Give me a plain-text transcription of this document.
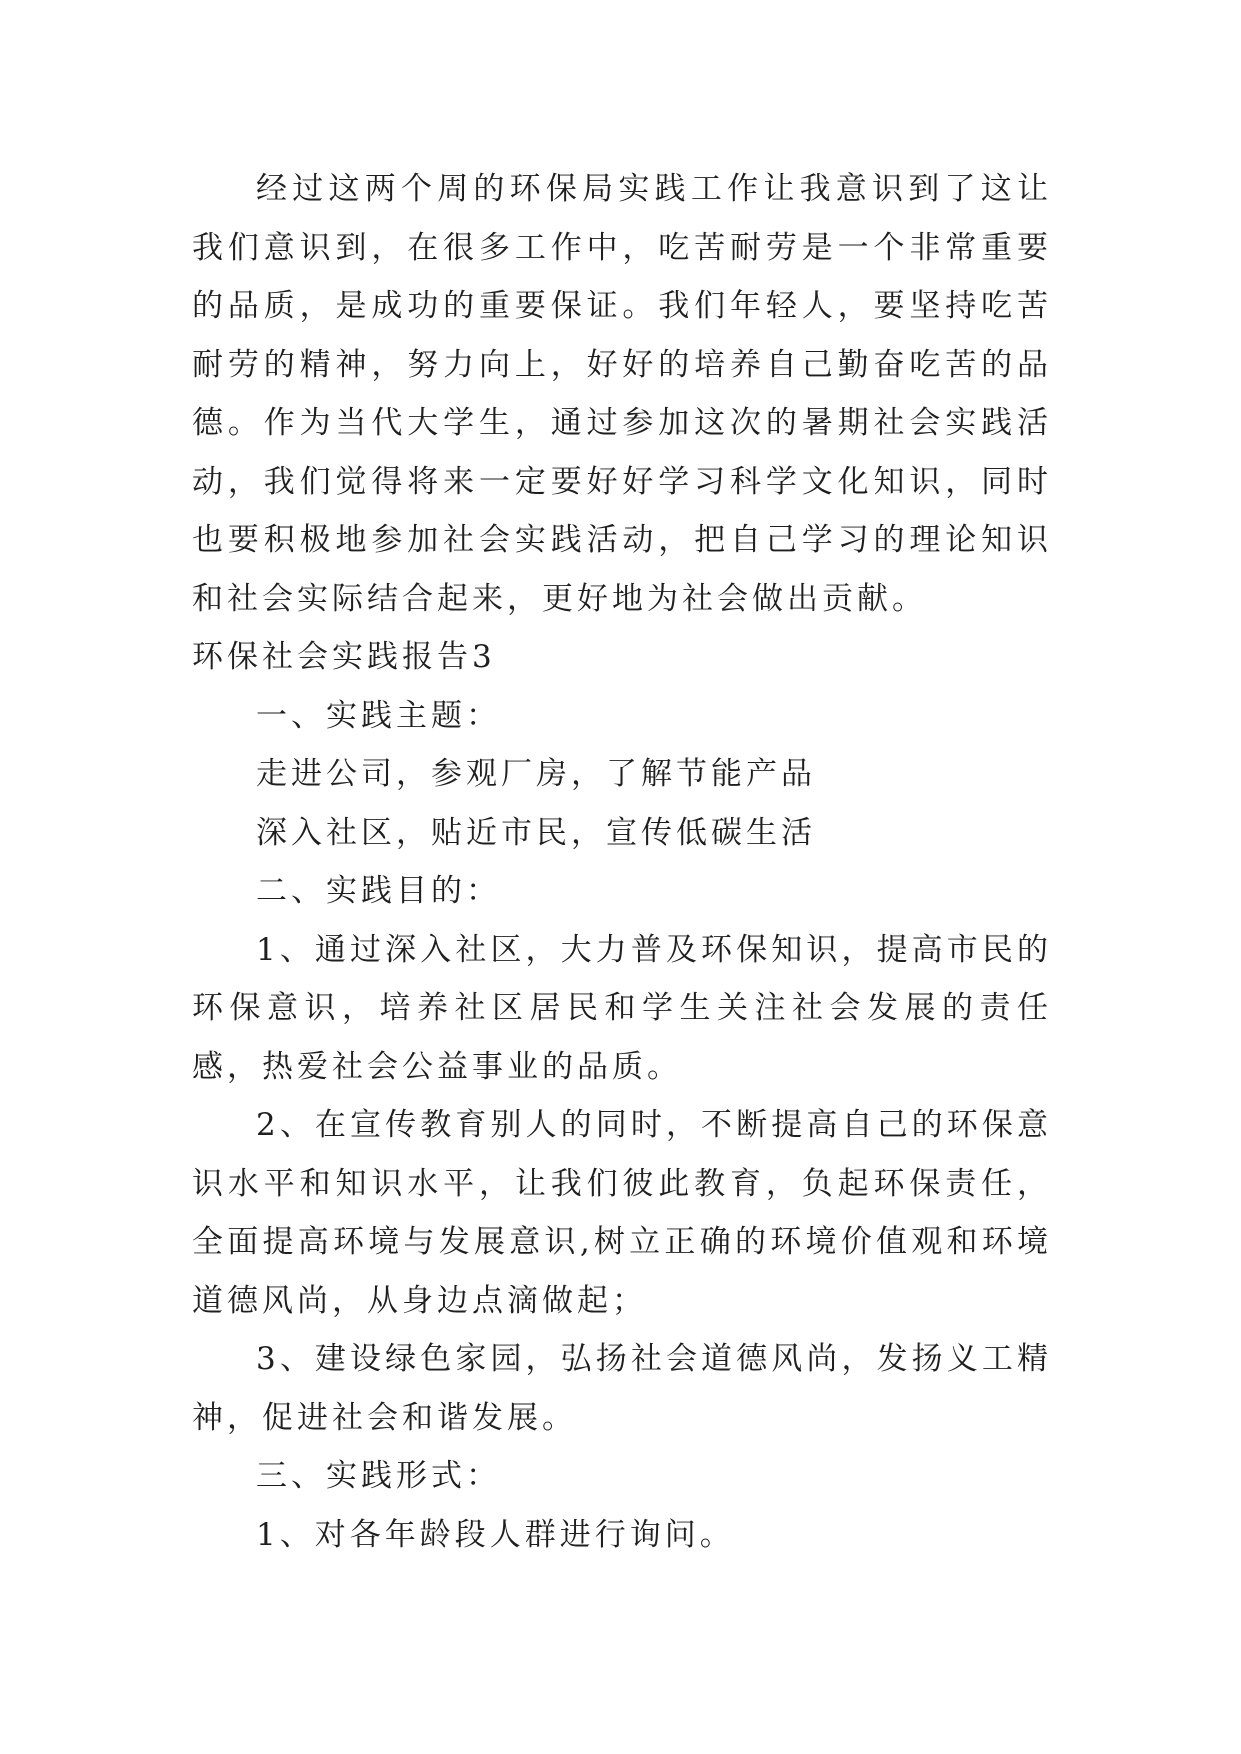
经过这两个周的环保局实践工作让我意识到了这让我们意识到，在很多工作中，吃苦耐劳是一个非常重要的品质，是成功的重要保证。我们年轻人，要坚持吃苦耐劳的精神，努力向上，好好的培养自己勤奋吃苦的品德。作为当代大学生，通过参加这次的暑期社会实践活动，我们觉得将来一定要好好学习科学文化知识，同时也要积极地参加社会实践活动，把自己学习的理论知识和社会实际结合起来，更好地为社会做出贡献。

环保社会实践报告3

一、实践主题：

走进公司，参观厂房，了解节能产品

深入社区，贴近市民，宣传低碳生活

二、实践目的：

1、通过深入社区，大力普及环保知识，提高市民的环保意识，培养社区居民和学生关注社会发展的责任感，热爱社会公益事业的品质。

2、在宣传教育别人的同时，不断提高自己的环保意识水平和知识水平，让我们彼此教育，负起环保责任，全面提高环境与发展意识,树立正确的环境价值观和环境道德风尚，从身边点滴做起；

3、建设绿色家园，弘扬社会道德风尚，发扬义工精神，促进社会和谐发展。

三、实践形式：

1、对各年龄段人群进行询问。
